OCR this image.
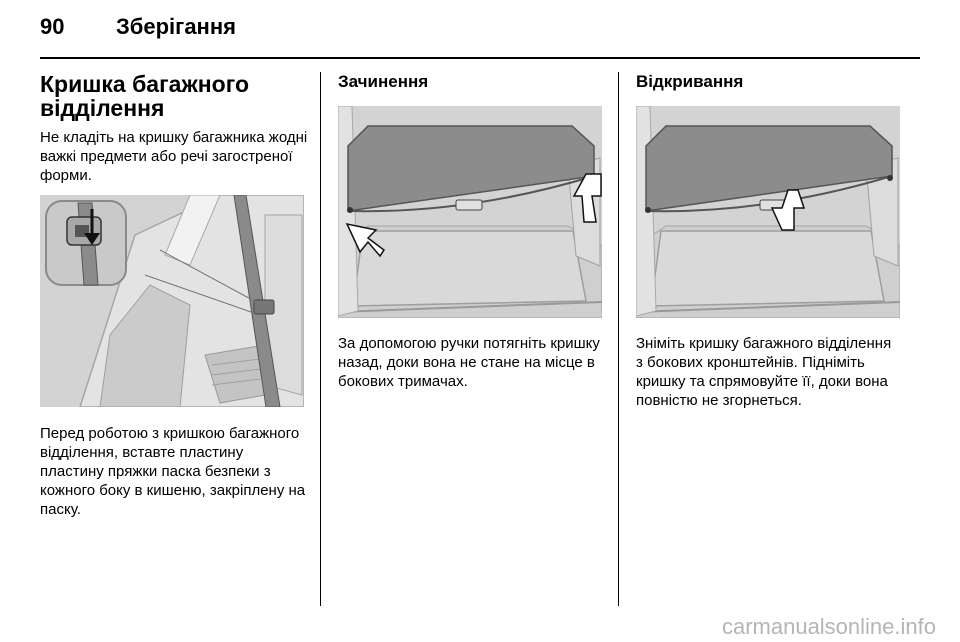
90 Зберігання
Кришка багажного відділення

Не кладіть на кришку багажника жодні важкі предмети або речі загостреної форми.

Перед роботою з кришкою багажного відділення, вставте пластину пластину пряжки паска безпеки з кожного боку в кишеню, закріплену на паску.

Зачинення

За допомогою ручки потягніть кришку назад, доки вона не стане на місце в бокових тримачах.

Відкривання

Зніміть кришку багажного відділення з бокових кронштейнів. Підніміть кришку та спрямовуйте її, доки вона повністю не згорнеться.

carmanualsonline.info
